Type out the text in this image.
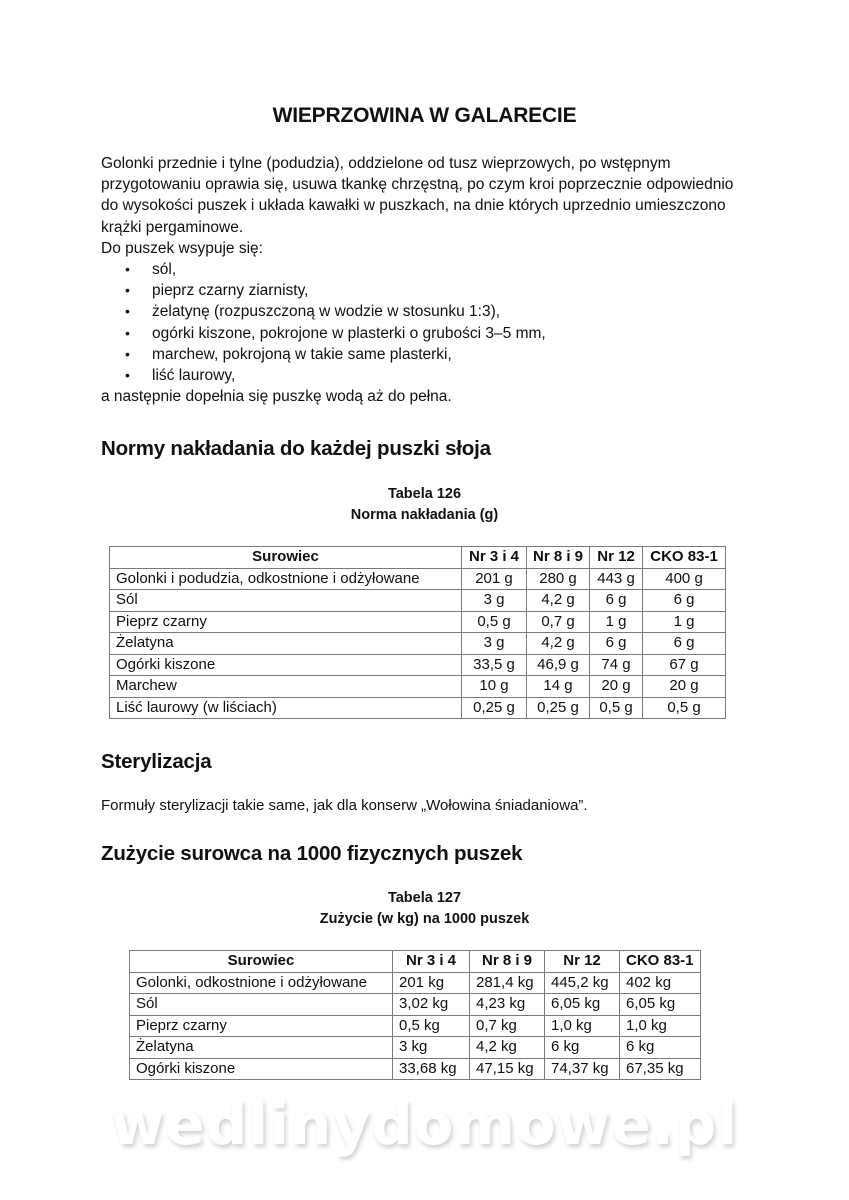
WIEPRZOWINA W GALARECIE

Golonki przednie i tylne (podudzia), oddzielone od tusz wieprzowych, po wstępnym przygotowaniu oprawia się, usuwa tkankę chrzęstną, po czym kroi poprzecznie odpowiednio do wysokości puszek i układa kawałki w puszkach, na dnie których uprzednio umieszczono krążki pergaminowe.

Do puszek wsypuje się:

• sól,
• pieprz czarny ziarnisty,
• żelatynę (rozpuszczoną w wodzie w stosunku 1:3),
• ogórki kiszone, pokrojone w plasterki o grubości 3–5 mm,
• marchew, pokrojoną w takie same plasterki,
• liść laurowy,

a następnie dopełnia się puszkę wodą aż do pełna.

Normy nakładania do każdej puszki słoja
Tabela 126
Norma nakładania (g)
Surowiec	Nr 3 i 4	Nr 8 i 9	Nr 12	CKO 83-1
Golonki i podudzia, odkostnione i odżyłowane	201 g	280 g	443 g	400 g
Sól	3 g	4,2 g	6 g	6 g
Pieprz czarny	0,5 g	0,7 g	1 g	1 g
Żelatyna	3 g	4,2 g	6 g	6 g
Ogórki kiszone	33,5 g	46,9 g	74 g	67 g
Marchew	10 g	14 g	20 g	20 g
Liść laurowy (w liściach)	0,25 g	0,25 g	0,5 g	0,5 g
Sterylizacja
Formuły sterylizacji takie same, jak dla konserw „Wołowina śniadaniowa”.
Zużycie surowca na 1000 fizycznych puszek
Tabela 127
Zużycie (w kg) na 1000 puszek
Surowiec	Nr 3 i 4	Nr 8 i 9	Nr 12	CKO 83-1
Golonki, odkostnione i odżyłowane	201 kg	281,4 kg	445,2 kg	402 kg
Sól	3,02 kg	4,23 kg	6,05 kg	6,05 kg
Pieprz czarny	0,5 kg	0,7 kg	1,0 kg	1,0 kg
Żelatyna	3 kg	4,2 kg	6 kg	6 kg
Ogórki kiszone	33,68 kg	47,15 kg	74,37 kg	67,35 kg
wedlinydomowe.pl
